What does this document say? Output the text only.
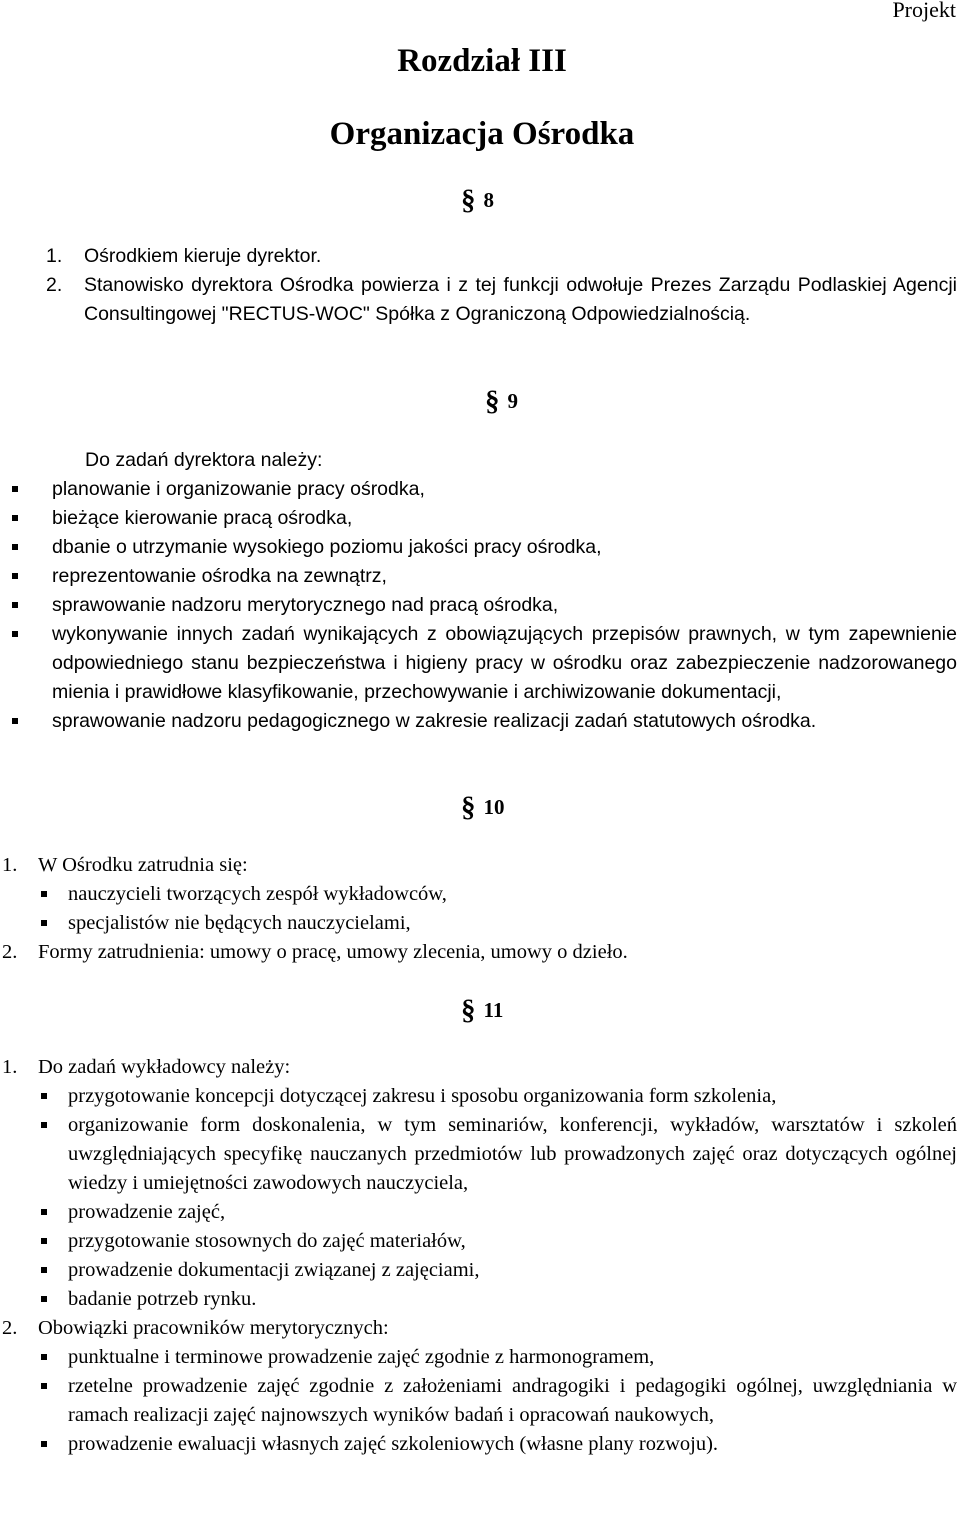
Projekt
Rozdział III
Organizacja Ośrodka
§ 8
1. Ośrodkiem kieruje dyrektor.
2. Stanowisko dyrektora Ośrodka powierza i z tej funkcji odwołuje Prezes Zarządu Podlaskiej Agencji Consultingowej "RECTUS-WOC" Spółka z Ograniczoną Odpowiedzialnością.
§ 9
Do zadań dyrektora należy:
planowanie i organizowanie pracy ośrodka,
bieżące kierowanie pracą ośrodka,
dbanie o utrzymanie wysokiego poziomu jakości pracy ośrodka,
reprezentowanie ośrodka na zewnątrz,
sprawowanie nadzoru merytorycznego nad pracą ośrodka,
wykonywanie innych zadań wynikających z obowiązujących przepisów prawnych, w tym zapewnienie odpowiedniego stanu bezpieczeństwa i higieny pracy w ośrodku oraz zabezpieczenie nadzorowanego mienia i prawidłowe klasyfikowanie, przechowywanie i archiwizowanie dokumentacji,
sprawowanie nadzoru pedagogicznego w zakresie realizacji zadań statutowych ośrodka.
§ 10
1. W Ośrodku zatrudnia się:
nauczycieli tworzących zespół wykładowców,
specjalistów nie będących nauczycielami,
2. Formy zatrudnienia: umowy o pracę, umowy zlecenia, umowy o dzieło.
§ 11
1. Do zadań wykładowcy należy:
przygotowanie koncepcji dotyczącej zakresu i sposobu organizowania form szkolenia,
organizowanie form doskonalenia, w tym seminariów, konferencji, wykładów, warsztatów i szkoleń uwzględniających specyfikę nauczanych przedmiotów lub prowadzonych zajęć oraz dotyczących ogólnej wiedzy i umiejętności zawodowych nauczyciela,
prowadzenie zajęć,
przygotowanie stosownych do zajęć materiałów,
prowadzenie dokumentacji związanej z zajęciami,
badanie potrzeb rynku.
2. Obowiązki pracowników merytorycznych:
punktualne i terminowe prowadzenie zajęć zgodnie z harmonogramem,
rzetelne prowadzenie zajęć zgodnie z założeniami andragogiki i pedagogiki ogólnej, uwzględniania w ramach realizacji zajęć najnowszych wyników badań i opracowań naukowych,
prowadzenie ewaluacji własnych zajęć szkoleniowych (własne plany rozwoju).
